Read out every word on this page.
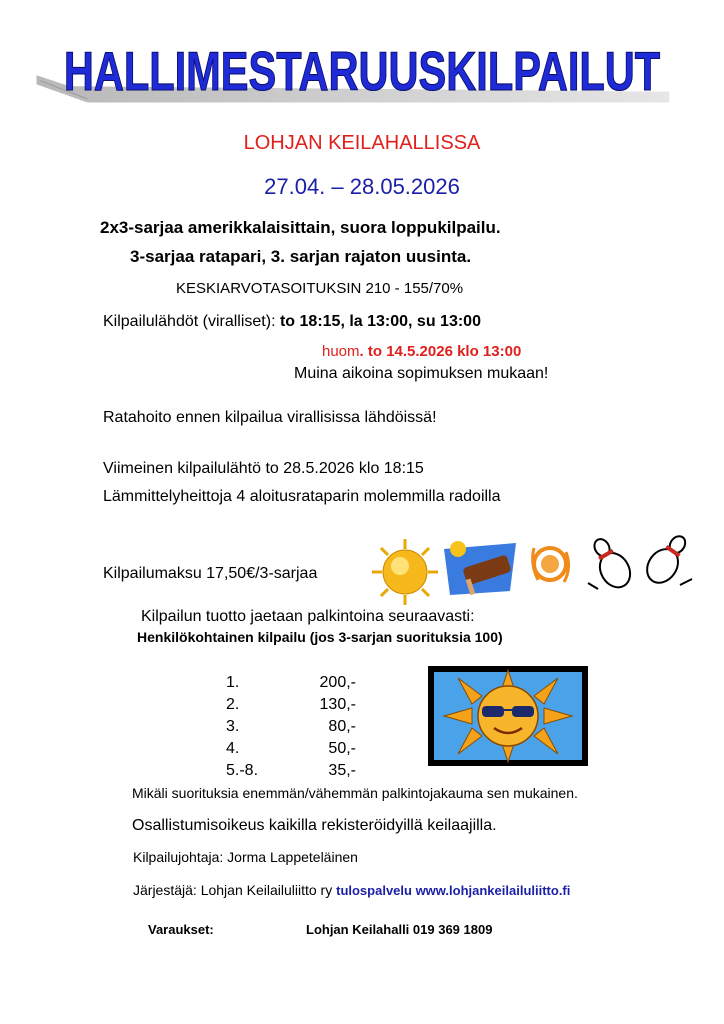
HALLIMESTARUUSKILPAILUT
LOHJAN KEILAHALLISSA
27.04. – 28.05.2026
2x3-sarjaa amerikkalaisittain, suora loppukilpailu.
3-sarjaa ratapari, 3. sarjan rajaton uusinta.
KESKIARVOTASOITUKSIN 210 - 155/70%
Kilpailulähdöt (viralliset): to 18:15, la 13:00, su 13:00
huom. to 14.5.2026 klo 13:00
Muina aikoina sopimuksen mukaan!
Ratahoito ennen kilpailua virallisissa lähdöissä!
Viimeinen kilpailulähtö to 28.5.2026 klo 18:15
Lämmittelyheittoja 4 aloitusrataparin molemmilla radoilla
Kilpailumaksu 17,50€/3-sarjaa
Kilpailun tuotto jaetaan palkintoina seuraavasti:
Henkilökohtainen kilpailu (jos 3-sarjan suorituksia 100)
1.	200,-
2.	130,-
3.	80,-
4.	50,-
5.-8.	35,-
Mikäli suorituksia enemmän/vähemmän palkintojakauma sen mukainen.
Osallistumisoikeus kaikilla rekisteröidyillä keilaajilla.
Kilpailujohtaja: Jorma Lappeteläinen
Järjestäjä: Lohjan Keilailuliitto ry tulospalvelu www.lohjankeilailuliitto.fi
Varaukset:	Lohjan Keilahalli 019 369 1809
